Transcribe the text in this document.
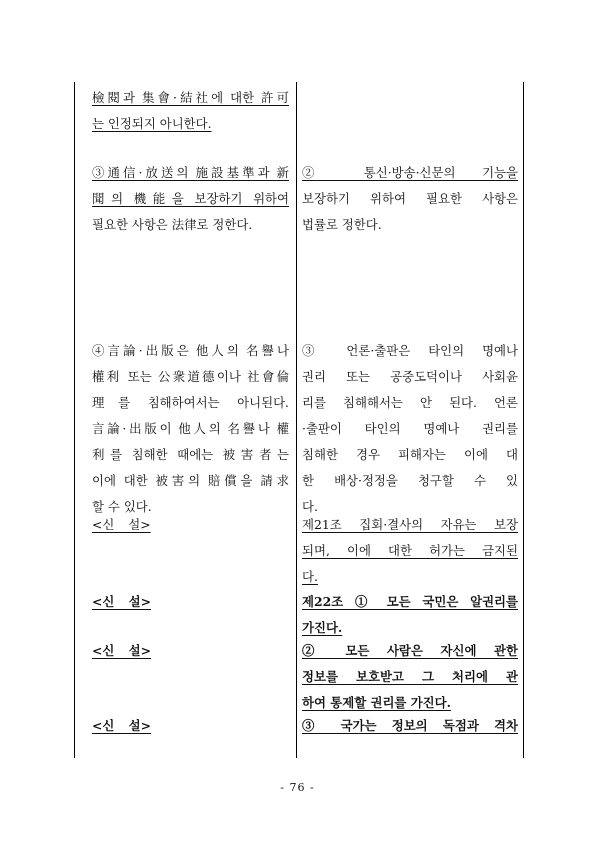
檢閱과 集會·結社에 대한 許可
는 인정되지 아니한다.
③通信·放送의 施設基準과 新
聞의 機能을 보장하기 위하여
필요한 사항은 法律로 정한다.
④言論·出版은 他人의 名譽나
權利 또는 公衆道德이나 社會倫
理를 침해하여서는 아니된다.
言論·出版이 他人의 名譽나 權
利를 침해한 때에는 被害者는
이에 대한 被害의 賠償을 請求
할 수 있다.
<신 설>
<신 설>
<신 설>
<신 설>
② 통신·방송·신문의 기능을
보장하기 위하여 필요한 사항은
법률로 정한다.
③ 언론·출판은 타인의 명예나
권리 또는 공중도덕이나 사회윤
리를 침해해서는 안 된다. 언론
·출판이 타인의 명예나 권리를
침해한 경우 피해자는 이에 대
한 배상·정정을 청구할 수 있
다.
제21조 집회·결사의 자유는 보장
되며, 이에 대한 허가는 금지된
다.
제22조 ① 모든 국민은 알권리를
가진다.
② 모든 사람은 자신에 관한
정보를 보호받고 그 처리에 관
하여 통제할 권리를 가진다.
③ 국가는 정보의 독점과 격차
- 76 -
